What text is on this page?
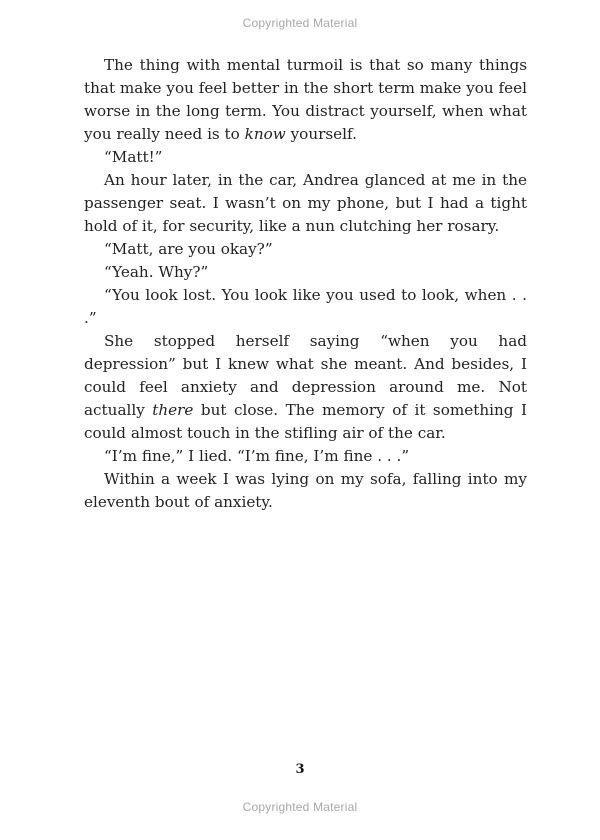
Copyrighted Material

The thing with mental turmoil is that so many things that make you feel better in the short term make you feel worse in the long term. You distract yourself, when what you really need is to know yourself.

“Matt!”

An hour later, in the car, Andrea glanced at me in the passenger seat. I wasn’t on my phone, but I had a tight hold of it, for security, like a nun clutching her rosary.

“Matt, are you okay?”

“Yeah. Why?”

“You look lost. You look like you used to look, when . . .”

She stopped herself saying “when you had depression” but I knew what she meant. And besides, I could feel anxiety and depression around me. Not actually there but close. The memory of it something I could almost touch in the stifling air of the car.

“I’m fine,” I lied. “I’m fine, I’m fine . . .”

Within a week I was lying on my sofa, falling into my eleventh bout of anxiety.

3
Copyrighted Material
